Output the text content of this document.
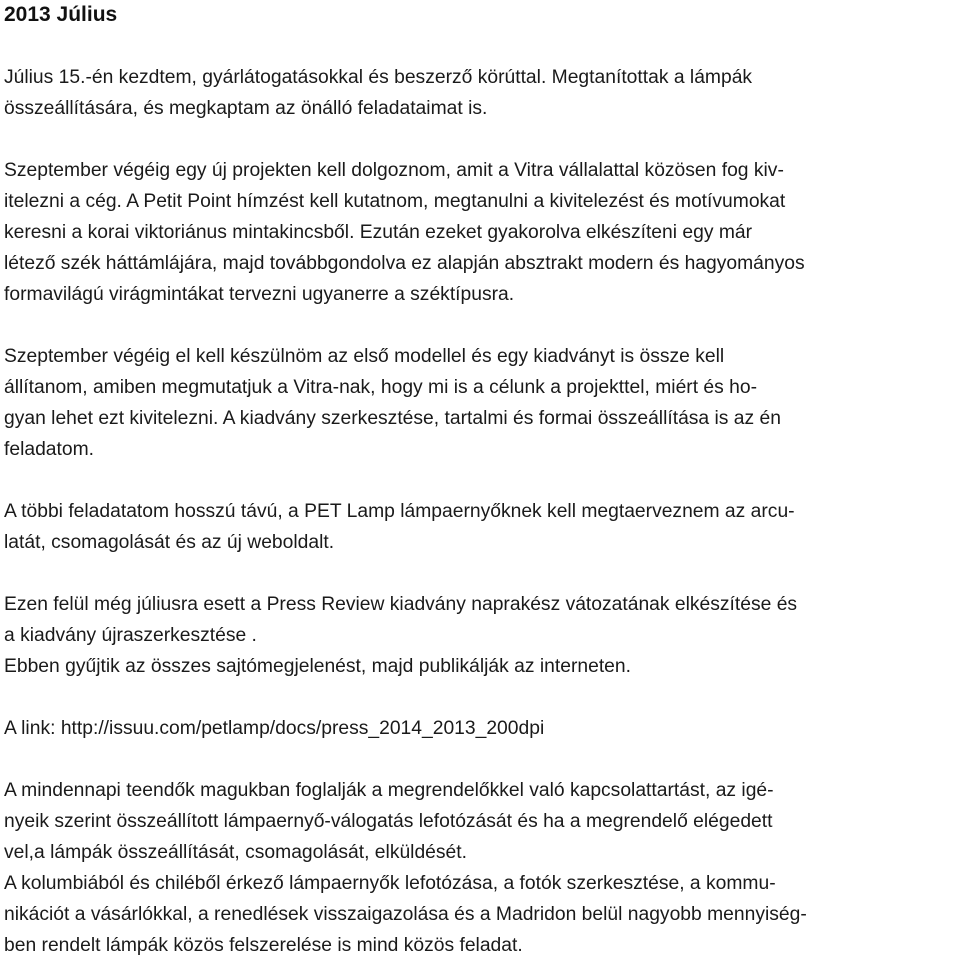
2013 Július

Július 15.-én kezdtem, gyárlátogatásokkal és beszerző körúttal. Megtanítottak a lámpák
összeállítására, és megkaptam az önálló feladataimat is.

Szeptember végéig egy új projekten kell dolgoznom, amit a Vitra vállalattal közösen fog kiv-
itelezni a cég. A Petit Point hímzést kell kutatnom, megtanulni a kivitelezést és motívumokat
keresni a korai viktoriánus mintakincsből. Ezután ezeket gyakorolva elkészíteni egy már
létező szék háttámlájára, majd továbbgondolva ez alapján absztrakt modern és hagyományos
formavilágú virágmintákat tervezni ugyanerre a széktípusra.

Szeptember végéig el kell készülnöm az első modellel és egy kiadványt is össze kell
állítanom, amiben megmutatjuk a Vitra-nak, hogy mi is a célunk a projekttel, miért és ho-
gyan lehet ezt kivitelezni. A kiadvány szerkesztése, tartalmi és formai összeállítása is az én
feladatom.

A többi feladatatom hosszú távú, a PET Lamp lámpaernyőknek kell megtaerveznem az arcu-
latát, csomagolását és az új weboldalt.

Ezen felül még júliusra esett a Press Review kiadvány naprakész vátozatának elkészítése és
a kiadvány újraszerkesztése .
Ebben gyűjtik az összes sajtómegjelenést, majd publikálják az interneten.

A link: http://issuu.com/petlamp/docs/press_2014_2013_200dpi

A mindennapi teendők magukban foglalják a megrendelőkkel való kapcsolattartást, az igé-
nyeik szerint összeállított lámpaernyő-válogatás lefotózását és ha a megrendelő elégedett
vel,a lámpák összeállítását, csomagolását, elküldését.
A kolumbiából és chiléből érkező lámpaernyők lefotózása, a fotók szerkesztése, a kommu-
nikációt a vásárlókkal, a renedlések visszaigazolása és a Madridon belül nagyobb mennyiség-
ben rendelt lámpák közös felszerelése is mind közös feladat.
